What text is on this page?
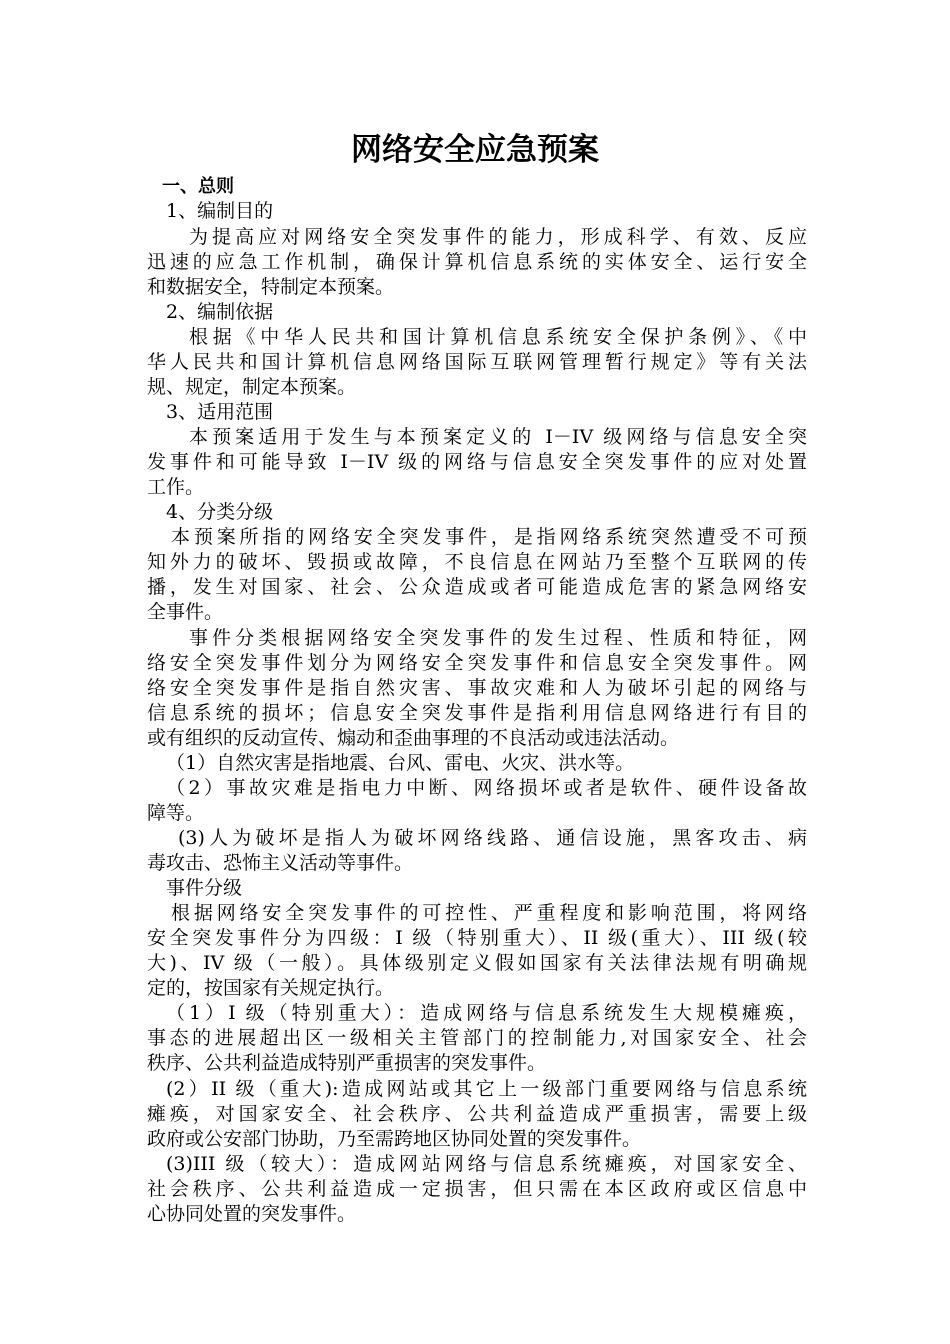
网络安全应急预案
一、总则
1、编制目的
为提高应对网络安全突发事件的能力，形成科学、有效、反应
迅速的应急工作机制，确保计算机信息系统的实体安全、运行安全
和数据安全，特制定本预案。
2、编制依据
根据《中华人民共和国计算机信息系统安全保护条例》、《中
华人民共和国计算机信息网络国际互联网管理暂行规定》等有关法
规、规定，制定本预案。
3、适用范围
本预案适用于发生与本预案定义的 I－IV 级网络与信息安全突
发事件和可能导致 I－IV 级的网络与信息安全突发事件的应对处置
工作。
4、分类分级
本预案所指的网络安全突发事件，是指网络系统突然遭受不可预
知外力的破坏、毁损或故障，不良信息在网站乃至整个互联网的传
播，发生对国家、社会、公众造成或者可能造成危害的紧急网络安
全事件。
事件分类根据网络安全突发事件的发生过程、性质和特征，网
络安全突发事件划分为网络安全突发事件和信息安全突发事件。网
络安全突发事件是指自然灾害、事故灾难和人为破坏引起的网络与
信息系统的损坏；信息安全突发事件是指利用信息网络进行有目的
或有组织的反动宣传、煽动和歪曲事理的不良活动或违法活动。
（1）自然灾害是指地震、台风、雷电、火灾、洪水等。
（2）事故灾难是指电力中断、网络损坏或者是软件、硬件设备故
障等。
(3)人为破坏是指人为破坏网络线路、通信设施，黑客攻击、病
毒攻击、恐怖主义活动等事件。
事件分级
根据网络安全突发事件的可控性、严重程度和影响范围，将网络
安全突发事件分为四级：I 级（特别重大）、II 级(重大）、III 级(较
大)、IV 级（一般）。具体级别定义假如国家有关法律法规有明确规
定的，按国家有关规定执行。
（1）I 级（特别重大）：造成网络与信息系统发生大规模瘫痪，
事态的进展超出区一级相关主管部门的控制能力,对国家安全、社会
秩序、公共利益造成特别严重损害的突发事件。
(2）II 级（重大):造成网站或其它上一级部门重要网络与信息系统
瘫痪，对国家安全、社会秩序、公共利益造成严重损害，需要上级
政府或公安部门协助，乃至需跨地区协同处置的突发事件。
(3)III 级（较大）：造成网站网络与信息系统瘫痪，对国家安全、
社会秩序、公共利益造成一定损害，但只需在本区政府或区信息中
心协同处置的突发事件。
